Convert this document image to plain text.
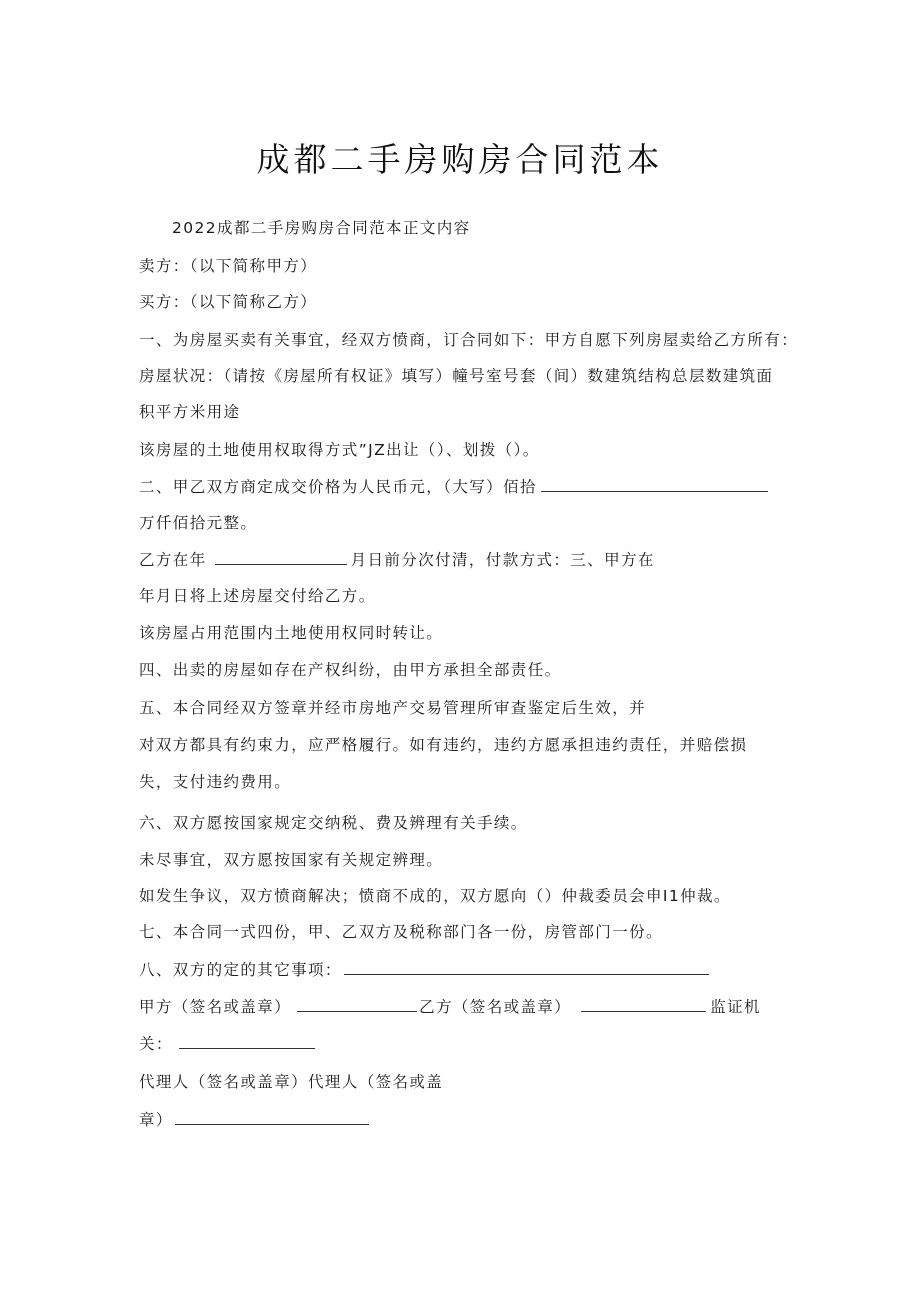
成都二手房购房合同范本
2022成都二手房购房合同范本正文内容
卖方：（以下简称甲方）
买方：（以下简称乙方）
一、为房屋买卖有关事宜，经双方愤商，订合同如下：甲方自愿下列房屋卖给乙方所有：
房屋状况：（请按《房屋所有权证》填写）幢号室号套（间）数建筑结构总层数建筑面
积平方米用途
该房屋的土地使用权取得方式”JZ出让（）、划拨（）。
二、甲乙双方商定成交价格为人民币元，（大写）佰拾
万仟佰拾元整。
乙方在年	月日前分次付清，付款方式：三、甲方在
年月日将上述房屋交付给乙方。
该房屋占用范围内土地使用权同时转让。
四、出卖的房屋如存在产权纠纷，由甲方承担全部责任。
五、本合同经双方签章并经市房地产交易管理所审查鉴定后生效，并
对双方都具有约束力，应严格履行。如有违约，违约方愿承担违约责任，并赔偿损
失，支付违约费用。
六、双方愿按国家规定交纳税、费及辨理有关手续。
未尽事宜，双方愿按国家有关规定辨理。
如发生争议，双方愤商解决；愤商不成的，双方愿向（）仲裁委员会申I1仲裁。
七、本合同一式四份，甲、乙双方及税称部门各一份，房管部门一份。
八、双方的定的其它事项：
甲方（签名或盖章）	乙方（签名或盖章）	监证机
关：
代理人（签名或盖章）代理人（签名或盖
章）
